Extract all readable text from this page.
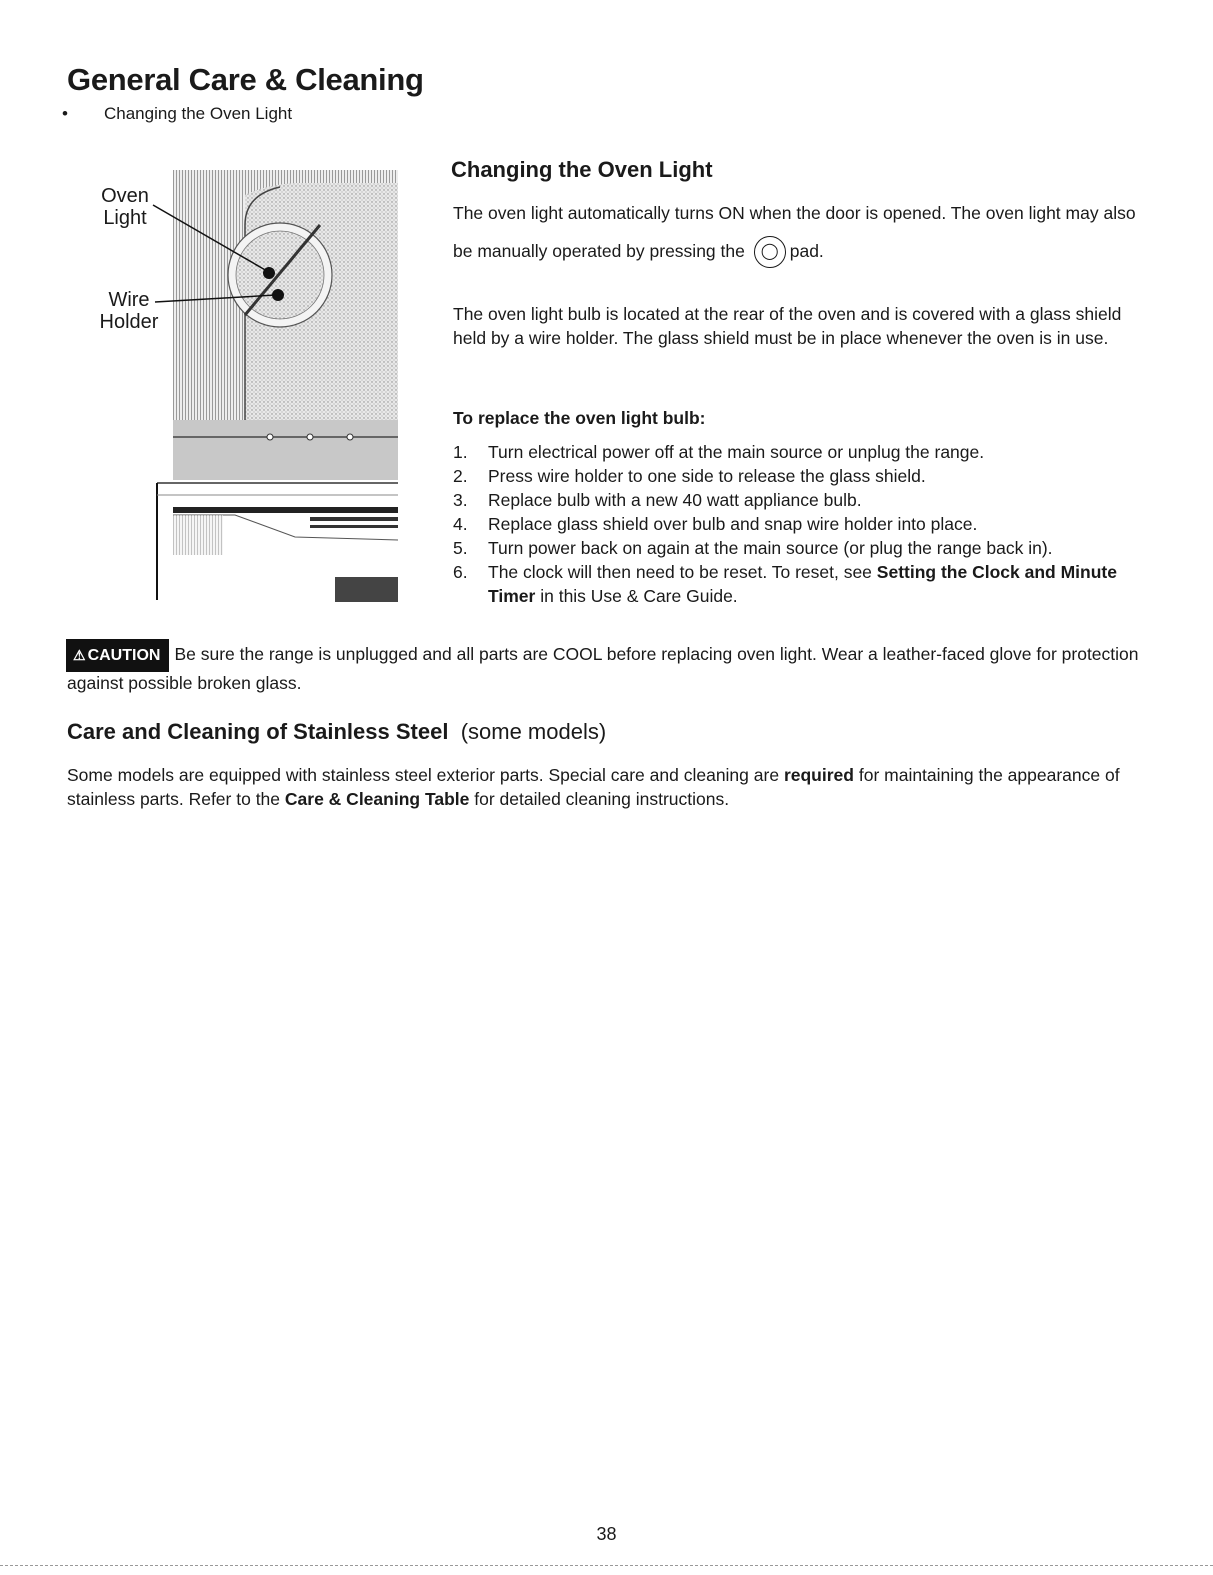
General Care & Cleaning
• Changing the Oven Light
Oven
Light
Wire
Holder
Changing the Oven Light

The oven light automatically turns ON when the door is opened. The oven light may also be manually operated by pressing the ◯ pad.

The oven light bulb is located at the rear of the oven and is covered with a glass shield held by a wire holder. The glass shield must be in place whenever the oven is in use.

To replace the oven light bulb:
1.	Turn electrical power off at the main source or unplug the range.
2.	Press wire holder to one side to release the glass shield.
3.	Replace bulb with a new 40 watt appliance bulb.
4.	Replace glass shield over bulb and snap wire holder into place.
5.	Turn power back on again at the main source (or plug the range back in).
6.	The clock will then need to be reset. To reset, see Setting the Clock and Minute Timer in this Use & Care Guide.

⚠ CAUTION Be sure the range is unplugged and all parts are COOL before replacing oven light. Wear a leather-faced glove for protection against possible broken glass.

Care and Cleaning of Stainless Steel (some models)

Some models are equipped with stainless steel exterior parts. Special care and cleaning are required for maintaining the appearance of stainless parts. Refer to the Care & Cleaning Table for detailed cleaning instructions.

38
